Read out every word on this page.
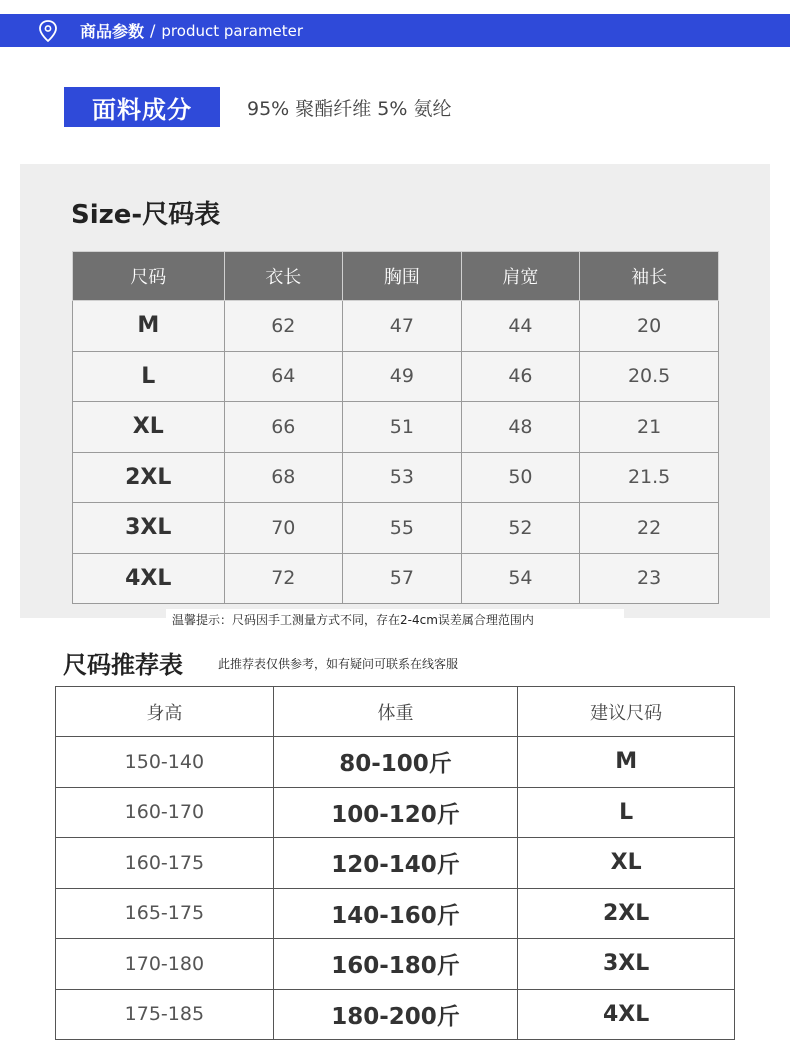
商品参数 / product parameter
面料成分	95% 聚酯纤维 5% 氨纶
Size-尺码表
尺码	衣长	胸围	肩宽	袖长
M	62	47	44	20
L	64	49	46	20.5
XL	66	51	48	21
2XL	68	53	50	21.5
3XL	70	55	52	22
4XL	72	57	54	23
温馨提示：尺码因手工测量方式不同，存在2-4cm误差属合理范围内
尺码推荐表	此推荐表仅供参考，如有疑问可联系在线客服
身高	体重	建议尺码
150-140	80-100斤	M
160-170	100-120斤	L
160-175	120-140斤	XL
165-175	140-160斤	2XL
170-180	160-180斤	3XL
175-185	180-200斤	4XL
